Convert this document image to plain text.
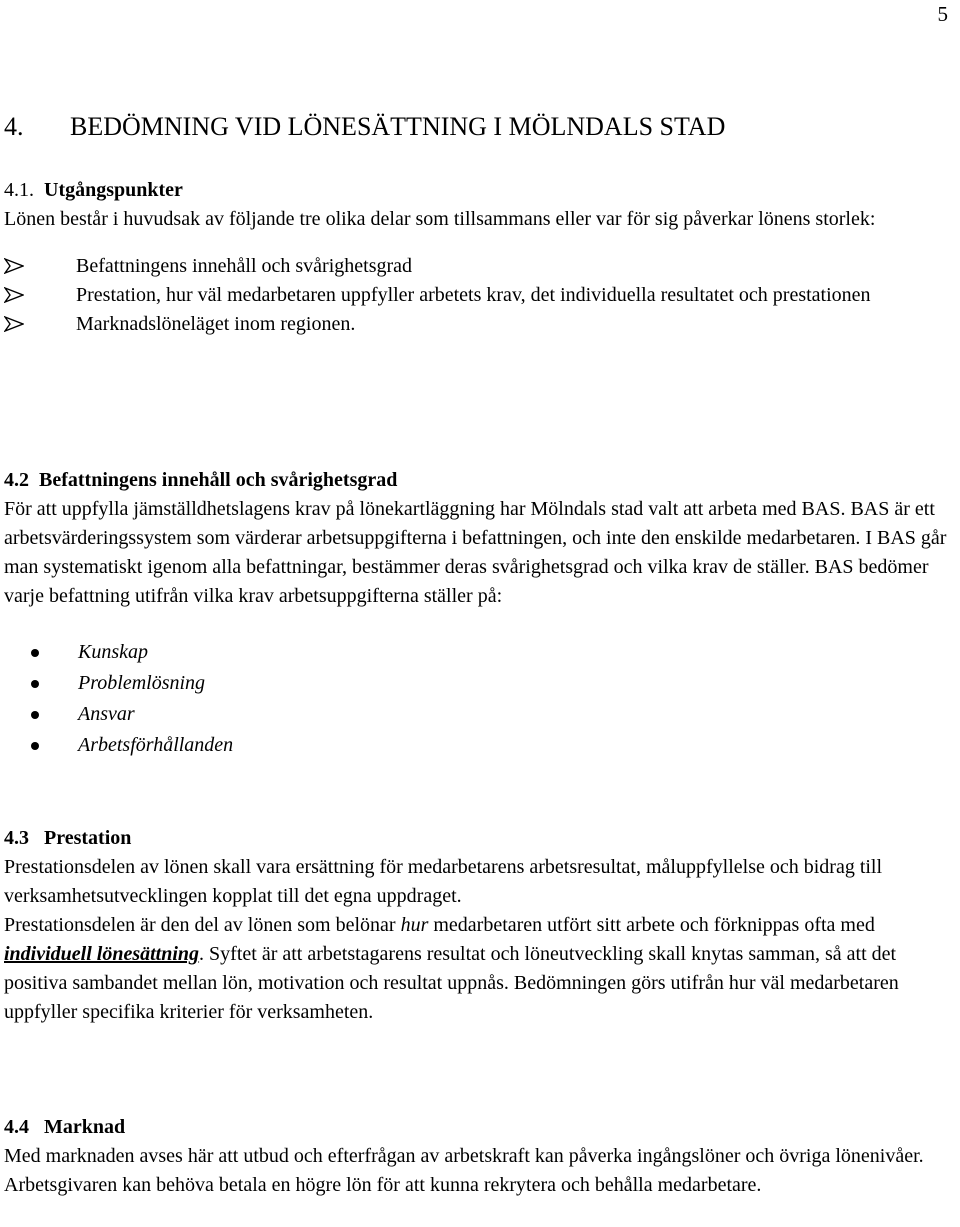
5
4. BEDÖMNING VID LÖNESÄTTNING I MÖLNDALS STAD
4.1. Utgångspunkter

Lönen består i huvudsak av följande tre olika delar som tillsammans eller var för sig påverkar lönens storlek:

Befattningens innehåll och svårighetsgrad
Prestation, hur väl medarbetaren uppfyller arbetets krav, det individuella resultatet och prestationen
Marknadslöneläget inom regionen.
4.2 Befattningens innehåll och svårighetsgrad

För att uppfylla jämställdhetslagens krav på lönekartläggning har Mölndals stad valt att arbeta med BAS. BAS är ett arbetsvärderingssystem som värderar arbetsuppgifterna i befattningen, och inte den enskilde medarbetaren. I BAS går man systematiskt igenom alla befattningar, bestämmer deras svårighetsgrad och vilka krav de ställer. BAS bedömer varje befattning utifrån vilka krav arbetsuppgifterna ställer på:

Kunskap
Problemlösning
Ansvar
Arbetsförhållanden
4.3 Prestation

Prestationsdelen av lönen skall vara ersättning för medarbetarens arbetsresultat, måluppfyllelse och bidrag till verksamhetsutvecklingen kopplat till det egna uppdraget.

Prestationsdelen är den del av lönen som belönar hur medarbetaren utfört sitt arbete och förknippas ofta med individuell lönesättning. Syftet är att arbetstagarens resultat och löneutveckling skall knytas samman, så att det positiva sambandet mellan lön, motivation och resultat uppnås. Bedömningen görs utifrån hur väl medarbetaren uppfyller specifika kriterier för verksamheten.

4.4 Marknad

Med marknaden avses här att utbud och efterfrågan av arbetskraft kan påverka ingångslöner och övriga lönenivåer. Arbetsgivaren kan behöva betala en högre lön för att kunna rekrytera och behålla medarbetare.
